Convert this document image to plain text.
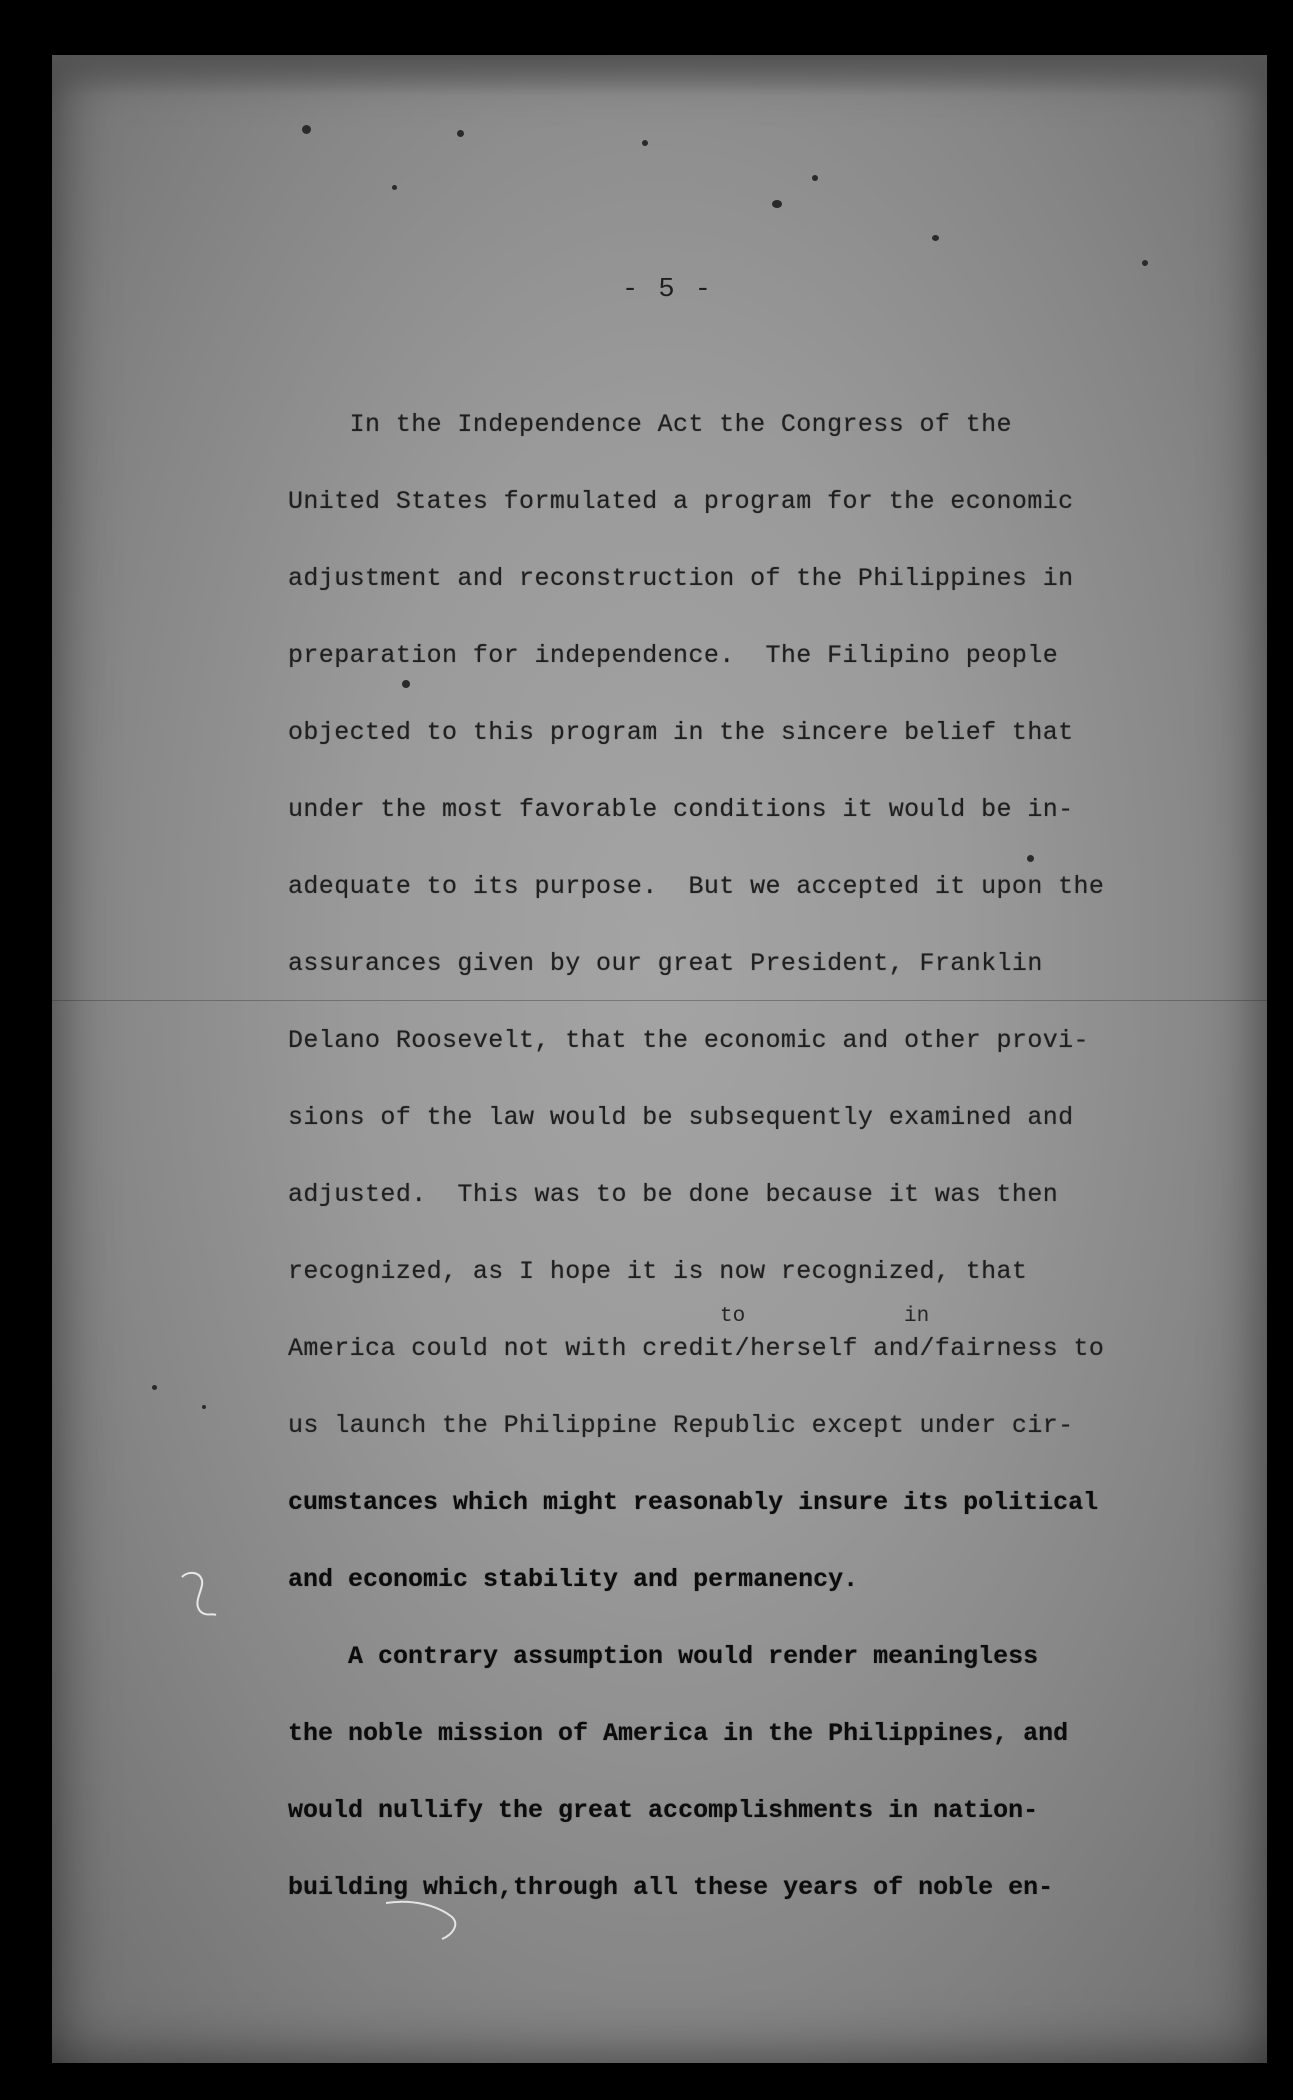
- 5 -
In the Independence Act the Congress of the
United States formulated a program for the economic
adjustment and reconstruction of the Philippines in
preparation for independence.  The Filipino people
objected to this program in the sincere belief that
under the most favorable conditions it would be in-
adequate to its purpose.  But we accepted it upon the
assurances given by our great President, Franklin
Delano Roosevelt, that the economic and other provi-
sions of the law would be subsequently examined and
adjusted.  This was to be done because it was then
recognized, as I hope it is now recognized, that
to	in
America could not with credit/herself and/fairness to
us launch the Philippine Republic except under cir-
cumstances which might reasonably insure its political
and economic stability and permanency.
A contrary assumption would render meaningless
the noble mission of America in the Philippines, and
would nullify the great accomplishments in nation-
building which,through all these years of noble en-
